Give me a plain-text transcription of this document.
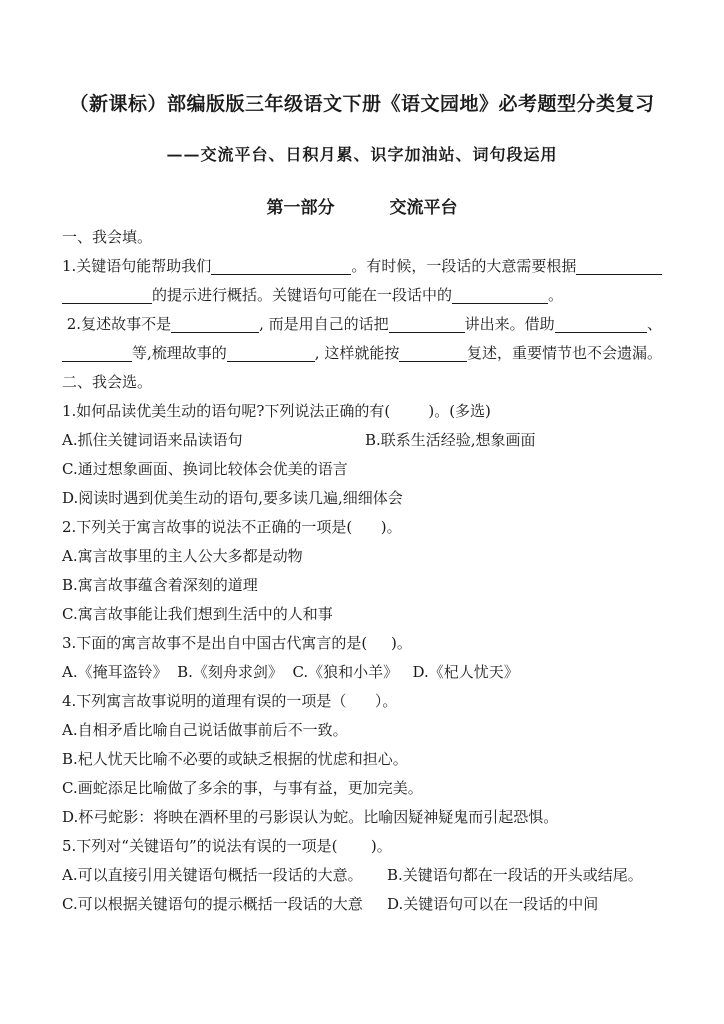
（新课标）部编版版三年级语文下册《语文园地》必考题型分类复习
——交流平台、日积月累、识字加油站、词句段运用
第一部分	交流平台
一、我会填。
1.关键语句能帮助我们	。有时候，一段话的大意需要根据
的提示进行概括。关键语句可能在一段话中的	。
2.复述故事不是	, 而是用自己的话把	讲出来。借助	、
等,梳理故事的	, 这样就能按	复述，重要情节也不会遗漏。
二、我会选。
1.如何品读优美生动的语句呢?下列说法正确的有(        )。(多选)
A.抓住关键词语来品读语句	B.联系生活经验,想象画面
C.通过想象画面、换词比较体会优美的语言
D.阅读时遇到优美生动的语句,要多读几遍,细细体会
2.下列关于寓言故事的说法不正确的一项是(      )。
A.寓言故事里的主人公大多都是动物
B.寓言故事蕴含着深刻的道理
C.寓言故事能让我们想到生活中的人和事
3.下面的寓言故事不是出自中国古代寓言的是(     )。
A.《掩耳盗铃》  B.《刻舟求剑》  C.《狼和小羊》   D.《杞人忧天》
4.下列寓言故事说明的道理有误的一项是（      ）。
A.自相矛盾比喻自己说话做事前后不一致。
B.杞人忧天比喻不必要的或缺乏根据的忧虑和担心。
C.画蛇添足比喻做了多余的事，与事有益，更加完美。
D.杯弓蛇影：将映在酒杯里的弓影误认为蛇。比喻因疑神疑鬼而引起恐惧。
5.下列对“关键语句”的说法有误的一项是(       )。
A.可以直接引用关键语句概括一段话的大意。	B.关键语句都在一段话的开头或结尾。
C.可以根据关键语句的提示概括一段话的大意	D.关键语句可以在一段话的中间
